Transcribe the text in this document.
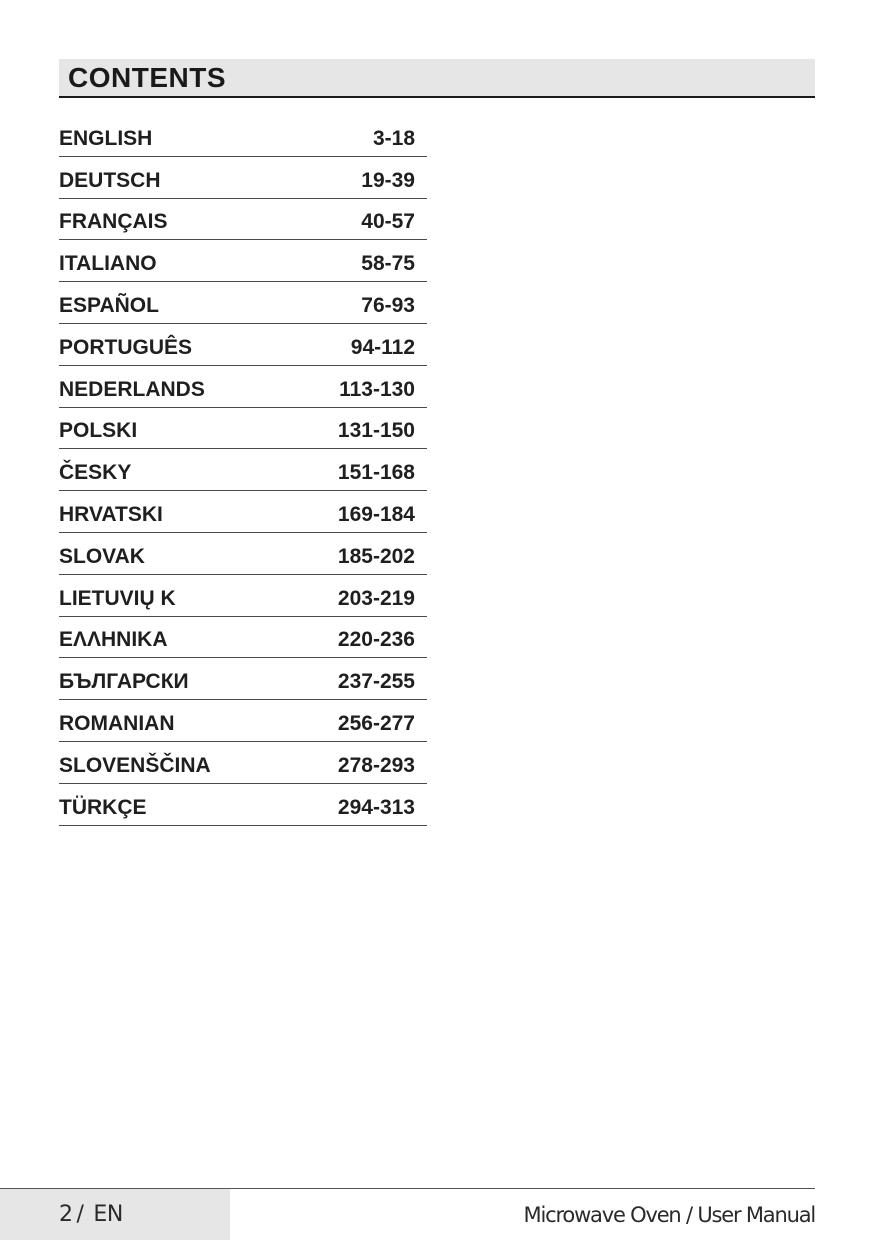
CONTENTS
ENGLISH	3-18
DEUTSCH	19-39
FRANÇAIS	40-57
ITALIANO	58-75
ESPAÑOL	76-93
PORTUGUÊS	94-112
NEDERLANDS	113-130
POLSKI	131-150
ČESKY	151-168
HRVATSKI	169-184
SLOVAK	185-202
LIETUVIŲ K	203-219
ΕΛΛΗΝΙΚΑ	220-236
БЪЛГАРСКИ	237-255
ROMANIAN	256-277
SLOVENŠČINA	278-293
TÜRKÇE	294-313
2 / EN	Microwave Oven / User Manual
